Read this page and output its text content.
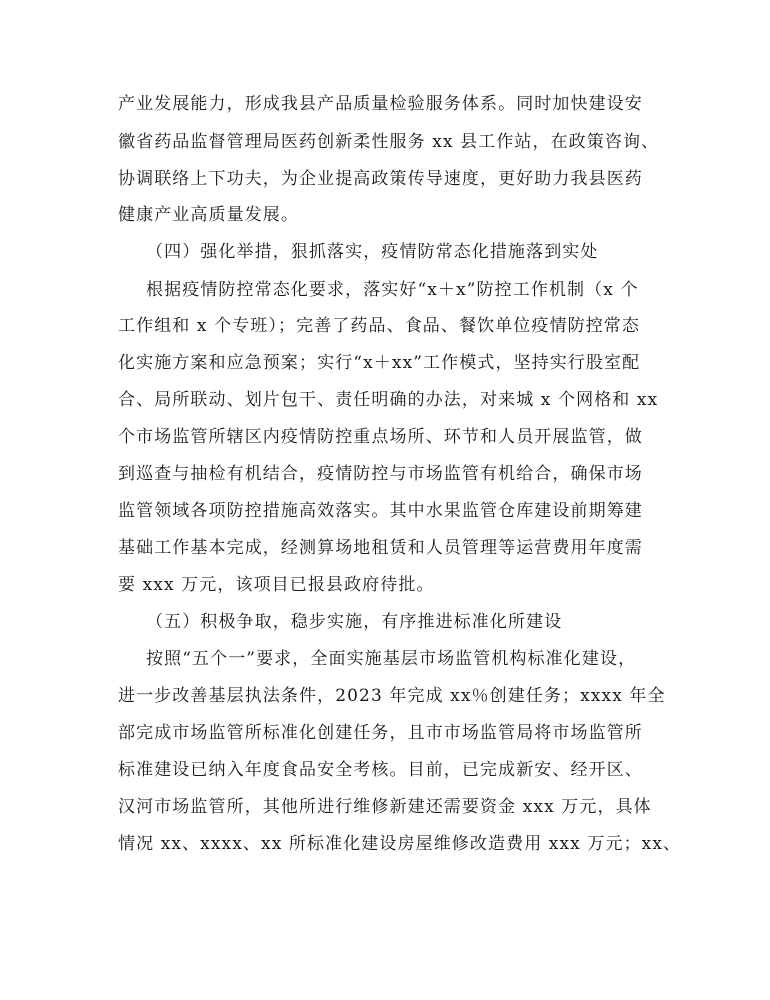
产业发展能力，形成我县产品质量检验服务体系。同时加快建设安
徽省药品监督管理局医药创新柔性服务 xx 县工作站，在政策咨询、
协调联络上下功夫，为企业提高政策传导速度，更好助力我县医药
健康产业高质量发展。
（四）强化举措，狠抓落实，疫情防常态化措施落到实处
根据疫情防控常态化要求，落实好“x＋x”防控工作机制（x 个
工作组和 x 个专班）；完善了药品、食品、餐饮单位疫情防控常态
化实施方案和应急预案；实行“x＋xx”工作模式，坚持实行股室配
合、局所联动、划片包干、责任明确的办法，对来城 x 个网格和 xx
个市场监管所辖区内疫情防控重点场所、环节和人员开展监管，做
到巡查与抽检有机结合，疫情防控与市场监管有机给合，确保市场
监管领域各项防控措施高效落实。其中水果监管仓库建设前期筹建
基础工作基本完成，经测算场地租赁和人员管理等运营费用年度需
要 xxx 万元，该项目已报县政府待批。
（五）积极争取，稳步实施，有序推进标准化所建设
按照“五个一”要求，全面实施基层市场监管机构标准化建设，
进一步改善基层执法条件，2023 年完成 xx％创建任务；xxxx 年全
部完成市场监管所标准化创建任务，且市市场监管局将市场监管所
标准建设已纳入年度食品安全考核。目前，已完成新安、经开区、
汉河市场监管所，其他所进行维修新建还需要资金 xxx 万元，具体
情况 xx、xxxx、xx 所标准化建设房屋维修改造费用 xxx 万元；xx、
